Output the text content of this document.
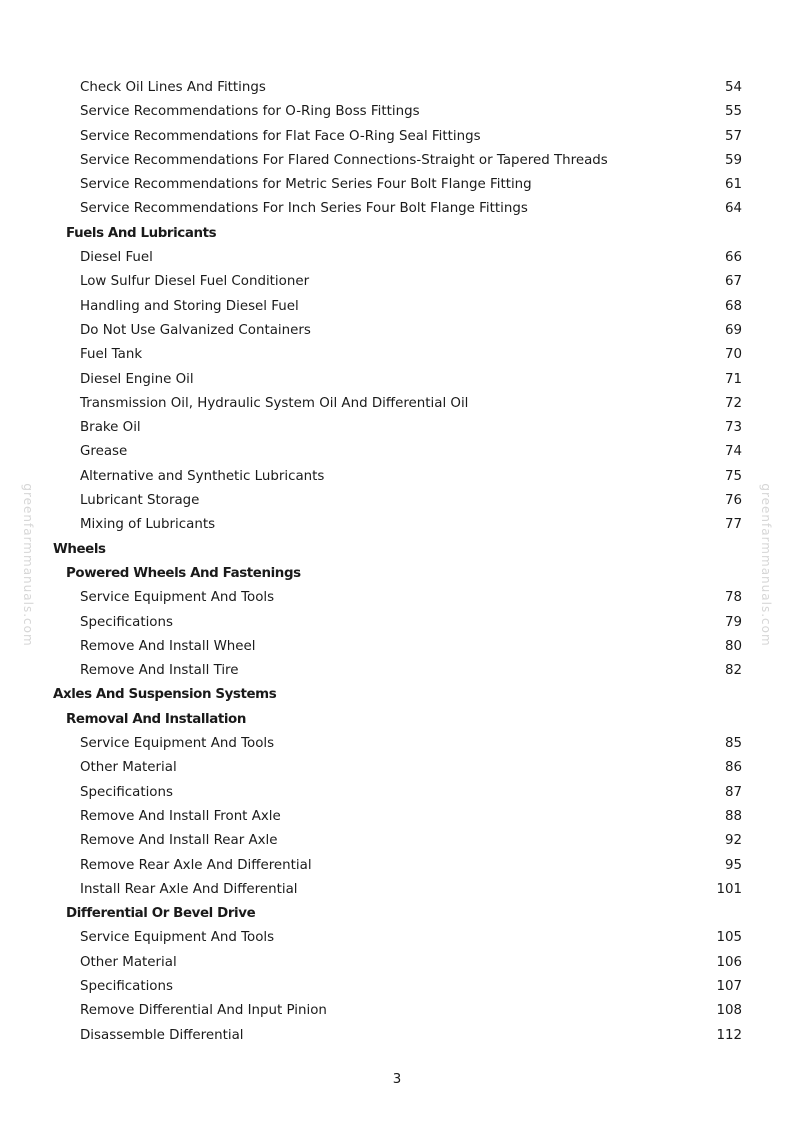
greenfarmmanuals.com	greenfarmmanuals.com
Check Oil Lines And Fittings	54
Service Recommendations for O-Ring Boss Fittings	55
Service Recommendations for Flat Face O-Ring Seal Fittings	57
Service Recommendations For Flared Connections-Straight or Tapered Threads	59
Service Recommendations for Metric Series Four Bolt Flange Fitting	61
Service Recommendations For Inch Series Four Bolt Flange Fittings	64
Fuels And Lubricants
Diesel Fuel	66
Low Sulfur Diesel Fuel Conditioner	67
Handling and Storing Diesel Fuel	68
Do Not Use Galvanized Containers	69
Fuel Tank	70
Diesel Engine Oil	71
Transmission Oil, Hydraulic System Oil And Differential Oil	72
Brake Oil	73
Grease	74
Alternative and Synthetic Lubricants	75
Lubricant Storage	76
Mixing of Lubricants	77
Wheels
Powered Wheels And Fastenings
Service Equipment And Tools	78
Specifications	79
Remove And Install Wheel	80
Remove And Install Tire	82
Axles And Suspension Systems
Removal And Installation
Service Equipment And Tools	85
Other Material	86
Specifications	87
Remove And Install Front Axle	88
Remove And Install Rear Axle	92
Remove Rear Axle And Differential	95
Install Rear Axle And Differential	101
Differential Or Bevel Drive
Service Equipment And Tools	105
Other Material	106
Specifications	107
Remove Differential And Input Pinion	108
Disassemble Differential	112
3
